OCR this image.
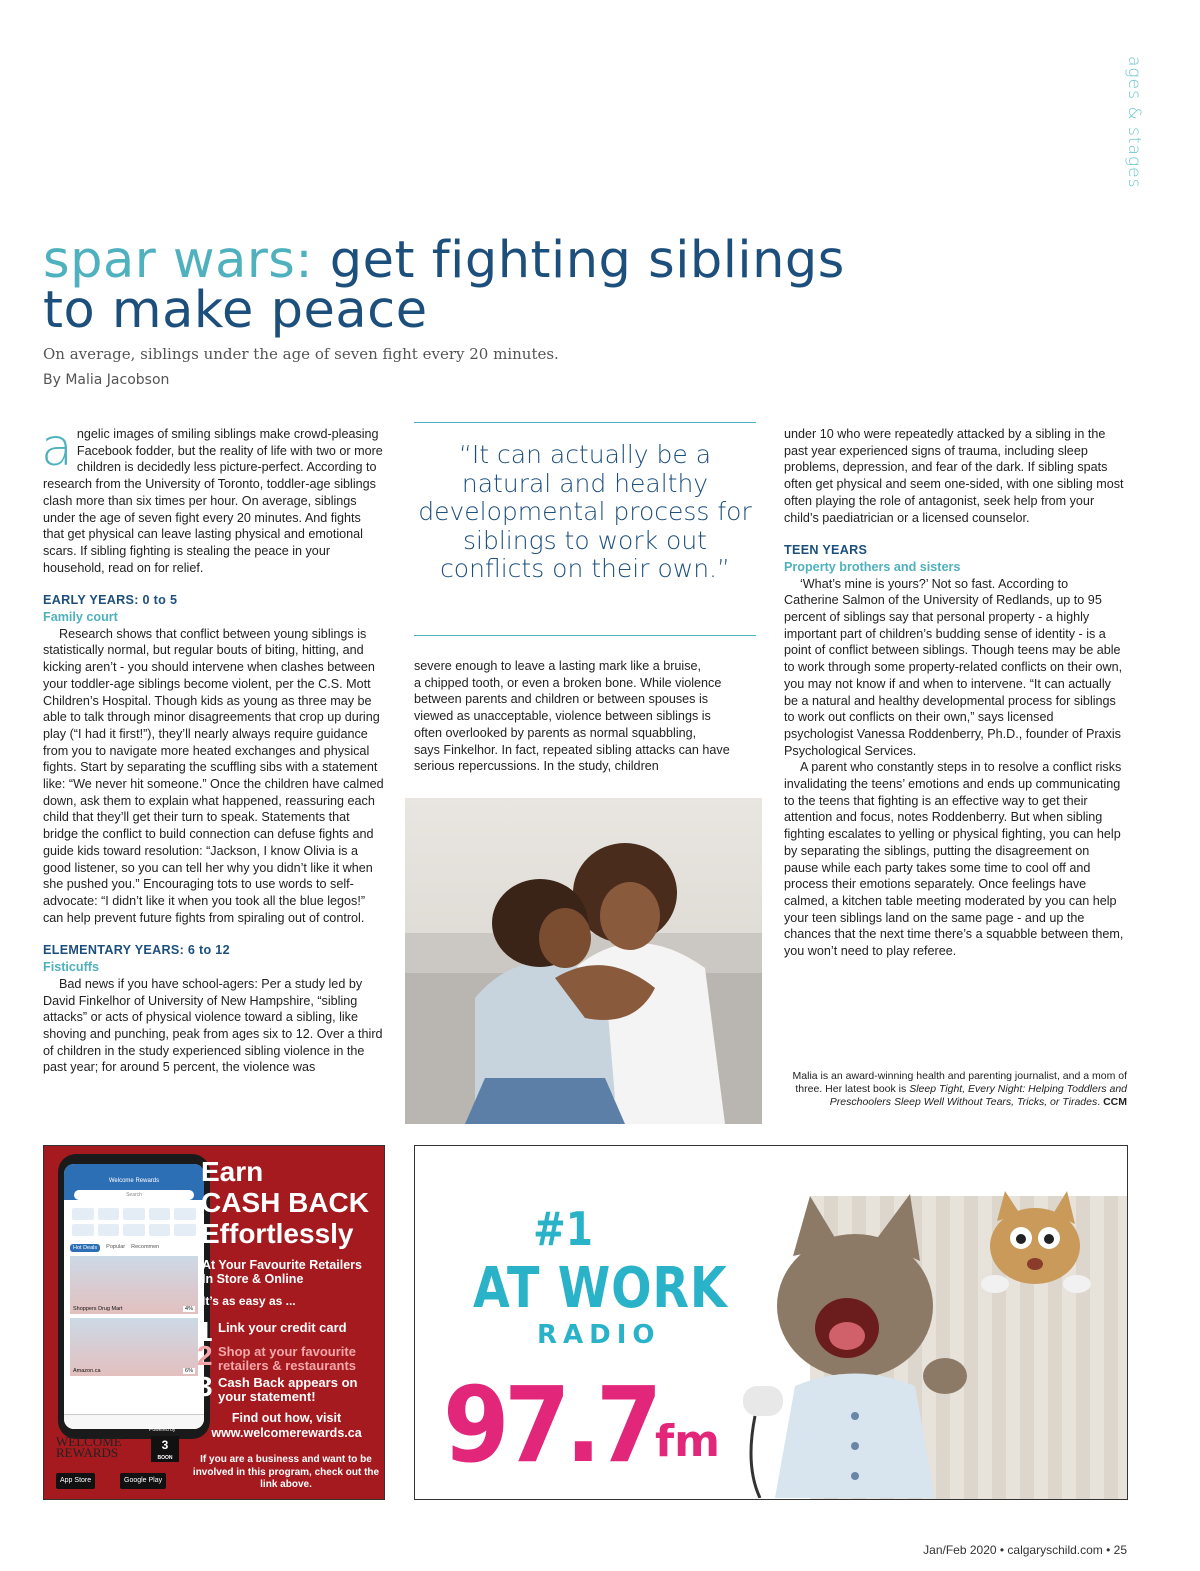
ages & stages
spar wars: get fighting siblings
to make peace
On average, siblings under the age of seven fight every 20 minutes.
By Malia Jacobson

angelic images of smiling siblings make crowd-pleasing Facebook fodder, but the reality of life with two or more children is decidedly less picture-perfect. According to research from the University of Toronto, toddler-age siblings clash more than six times per hour. On average, siblings under the age of seven fight every 20 minutes. And fights that get physical can leave lasting physical and emotional scars. If sibling fighting is stealing the peace in your household, read on for relief.

EARLY YEARS: 0 to 5

Family court

Research shows that conflict between young siblings is statistically normal, but regular bouts of biting, hitting, and kicking aren’t - you should intervene when clashes between your toddler-age siblings become violent, per the C.S. Mott Children’s Hospital. Though kids as young as three may be able to talk through minor disagreements that crop up during play (“I had it first!”), they’ll nearly always require guidance from you to navigate more heated exchanges and physical fights. Start by separating the scuffling sibs with a statement like: “We never hit someone.” Once the children have calmed down, ask them to explain what happened, reassuring each child that they’ll get their turn to speak. Statements that bridge the conflict to build connection can defuse fights and guide kids toward resolution: “Jackson, I know Olivia is a good listener, so you can tell her why you didn’t like it when she pushed you.” Encouraging tots to use words to self-advocate: “I didn’t like it when you took all the blue legos!” can help prevent future fights from spiraling out of control.

ELEMENTARY YEARS: 6 to 12

Fisticuffs

Bad news if you have school-agers: Per a study led by David Finkelhor of University of New Hampshire, “sibling attacks” or acts of physical violence toward a sibling, like shoving and punching, peak from ages six to 12. Over a third of children in the study experienced sibling violence in the past year; for around 5 percent, the violence was

“It can actually be a natural and healthy developmental process for siblings to work out conflicts on their own.”
severe enough to leave a lasting mark like a bruise,
a chipped tooth, or even a broken bone. While violence
between parents and children or between spouses is
viewed as unacceptable, violence between siblings is
often overlooked by parents as normal squabbling,
says Finkelhor. In fact, repeated sibling attacks can have
serious repercussions. In the study, children

under 10 who were repeatedly attacked by a sibling in the past year experienced signs of trauma, including sleep problems, depression, and fear of the dark. If sibling spats often get physical and seem one-sided, with one sibling most often playing the role of antagonist, seek help from your child’s paediatrician or a licensed counselor.

TEEN YEARS

Property brothers and sisters

‘What’s mine is yours?’ Not so fast. According to Catherine Salmon of the University of Redlands, up to 95 percent of siblings say that personal property - a highly important part of children’s budding sense of identity - is a point of conflict between siblings. Though teens may be able to work through some property-related conflicts on their own, you may not know if and when to intervene. “It can actually be a natural and healthy developmental process for siblings to work out conflicts on their own,” says licensed psychologist Vanessa Roddenberry, Ph.D., founder of Praxis Psychological Services.

A parent who constantly steps in to resolve a conflict risks invalidating the teens’ emotions and ends up communicating to the teens that fighting is an effective way to get their attention and focus, notes Roddenberry. But when sibling fighting escalates to yelling or physical fighting, you can help by separating the siblings, putting the disagreement on pause while each party takes some time to cool off and process their emotions separately. Once feelings have calmed, a kitchen table meeting moderated by you can help your teen siblings land on the same page - and up the chances that the next time there’s a squabble between them, you won’t need to play referee.

Malia is an award-winning health and parenting journalist, and a mom of three. Her latest book is Sleep Tight, Every Night: Helping Toddlers and Preschoolers Sleep Well Without Tears, Tricks, or Tirades. CCM
Welcome Rewards
Search
Hot Deals	Popular Recommen
Shoppers Drug Mart	4%
Amazon.ca	6%
Earn
CASH BACK
Effortlessly
At Your Favourite Retailers
In Store & Online
It’s as easy as ...
1 Link your credit card
2 Shop at your favourite retailers & restaurants
3 Cash Back appears on your statement!
Find out how, visit
www.welcomerewards.ca
WELCOME REWARDS
Powered by
3
BOON
App Store	Google Play
If you are a business and want to be involved in this program, check out the link above.
#1
AT WORK
RADIO
97.7
fm
Jan/Feb 2020 • calgaryschild.com • 25
